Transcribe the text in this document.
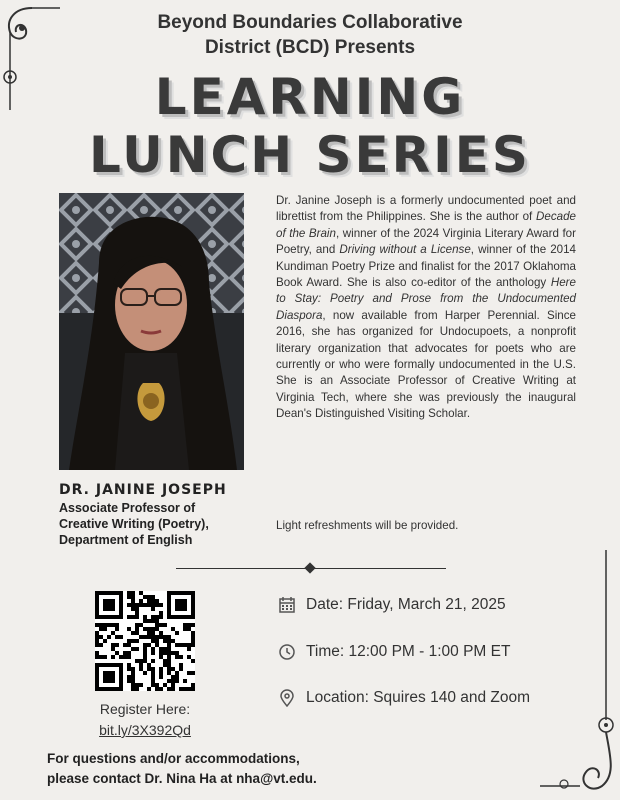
Beyond Boundaries Collaborative
District (BCD) Presents
LEARNING
LUNCH SERIES
DR. JANINE JOSEPH
Associate Professor of
Creative Writing (Poetry),
Department of English
Dr. Janine Joseph is a formerly undocumented poet and librettist from the Philippines. She is the author of Decade of the Brain, winner of the 2024 Virginia Literary Award for Poetry, and Driving without a License, winner of the 2014 Kundiman Poetry Prize and finalist for the 2017 Oklahoma Book Award. She is also co-editor of the anthology Here to Stay: Poetry and Prose from the Undocumented Diaspora, now available from Harper Perennial. Since 2016, she has organized for Undocupoets, a nonprofit literary organization that advocates for poets who are currently or who were formally undocumented in the U.S. She is an Associate Professor of Creative Writing at Virginia Tech, where she was previously the inaugural Dean's Distinguished Visiting Scholar.
Light refreshments will be provided.
Register Here:
bit.ly/3X392Qd
Date: Friday, March 21, 2025
Time: 12:00 PM - 1:00 PM ET
Location: Squires 140 and Zoom
For questions and/or accommodations,
please contact Dr. Nina Ha at nha@vt.edu.
